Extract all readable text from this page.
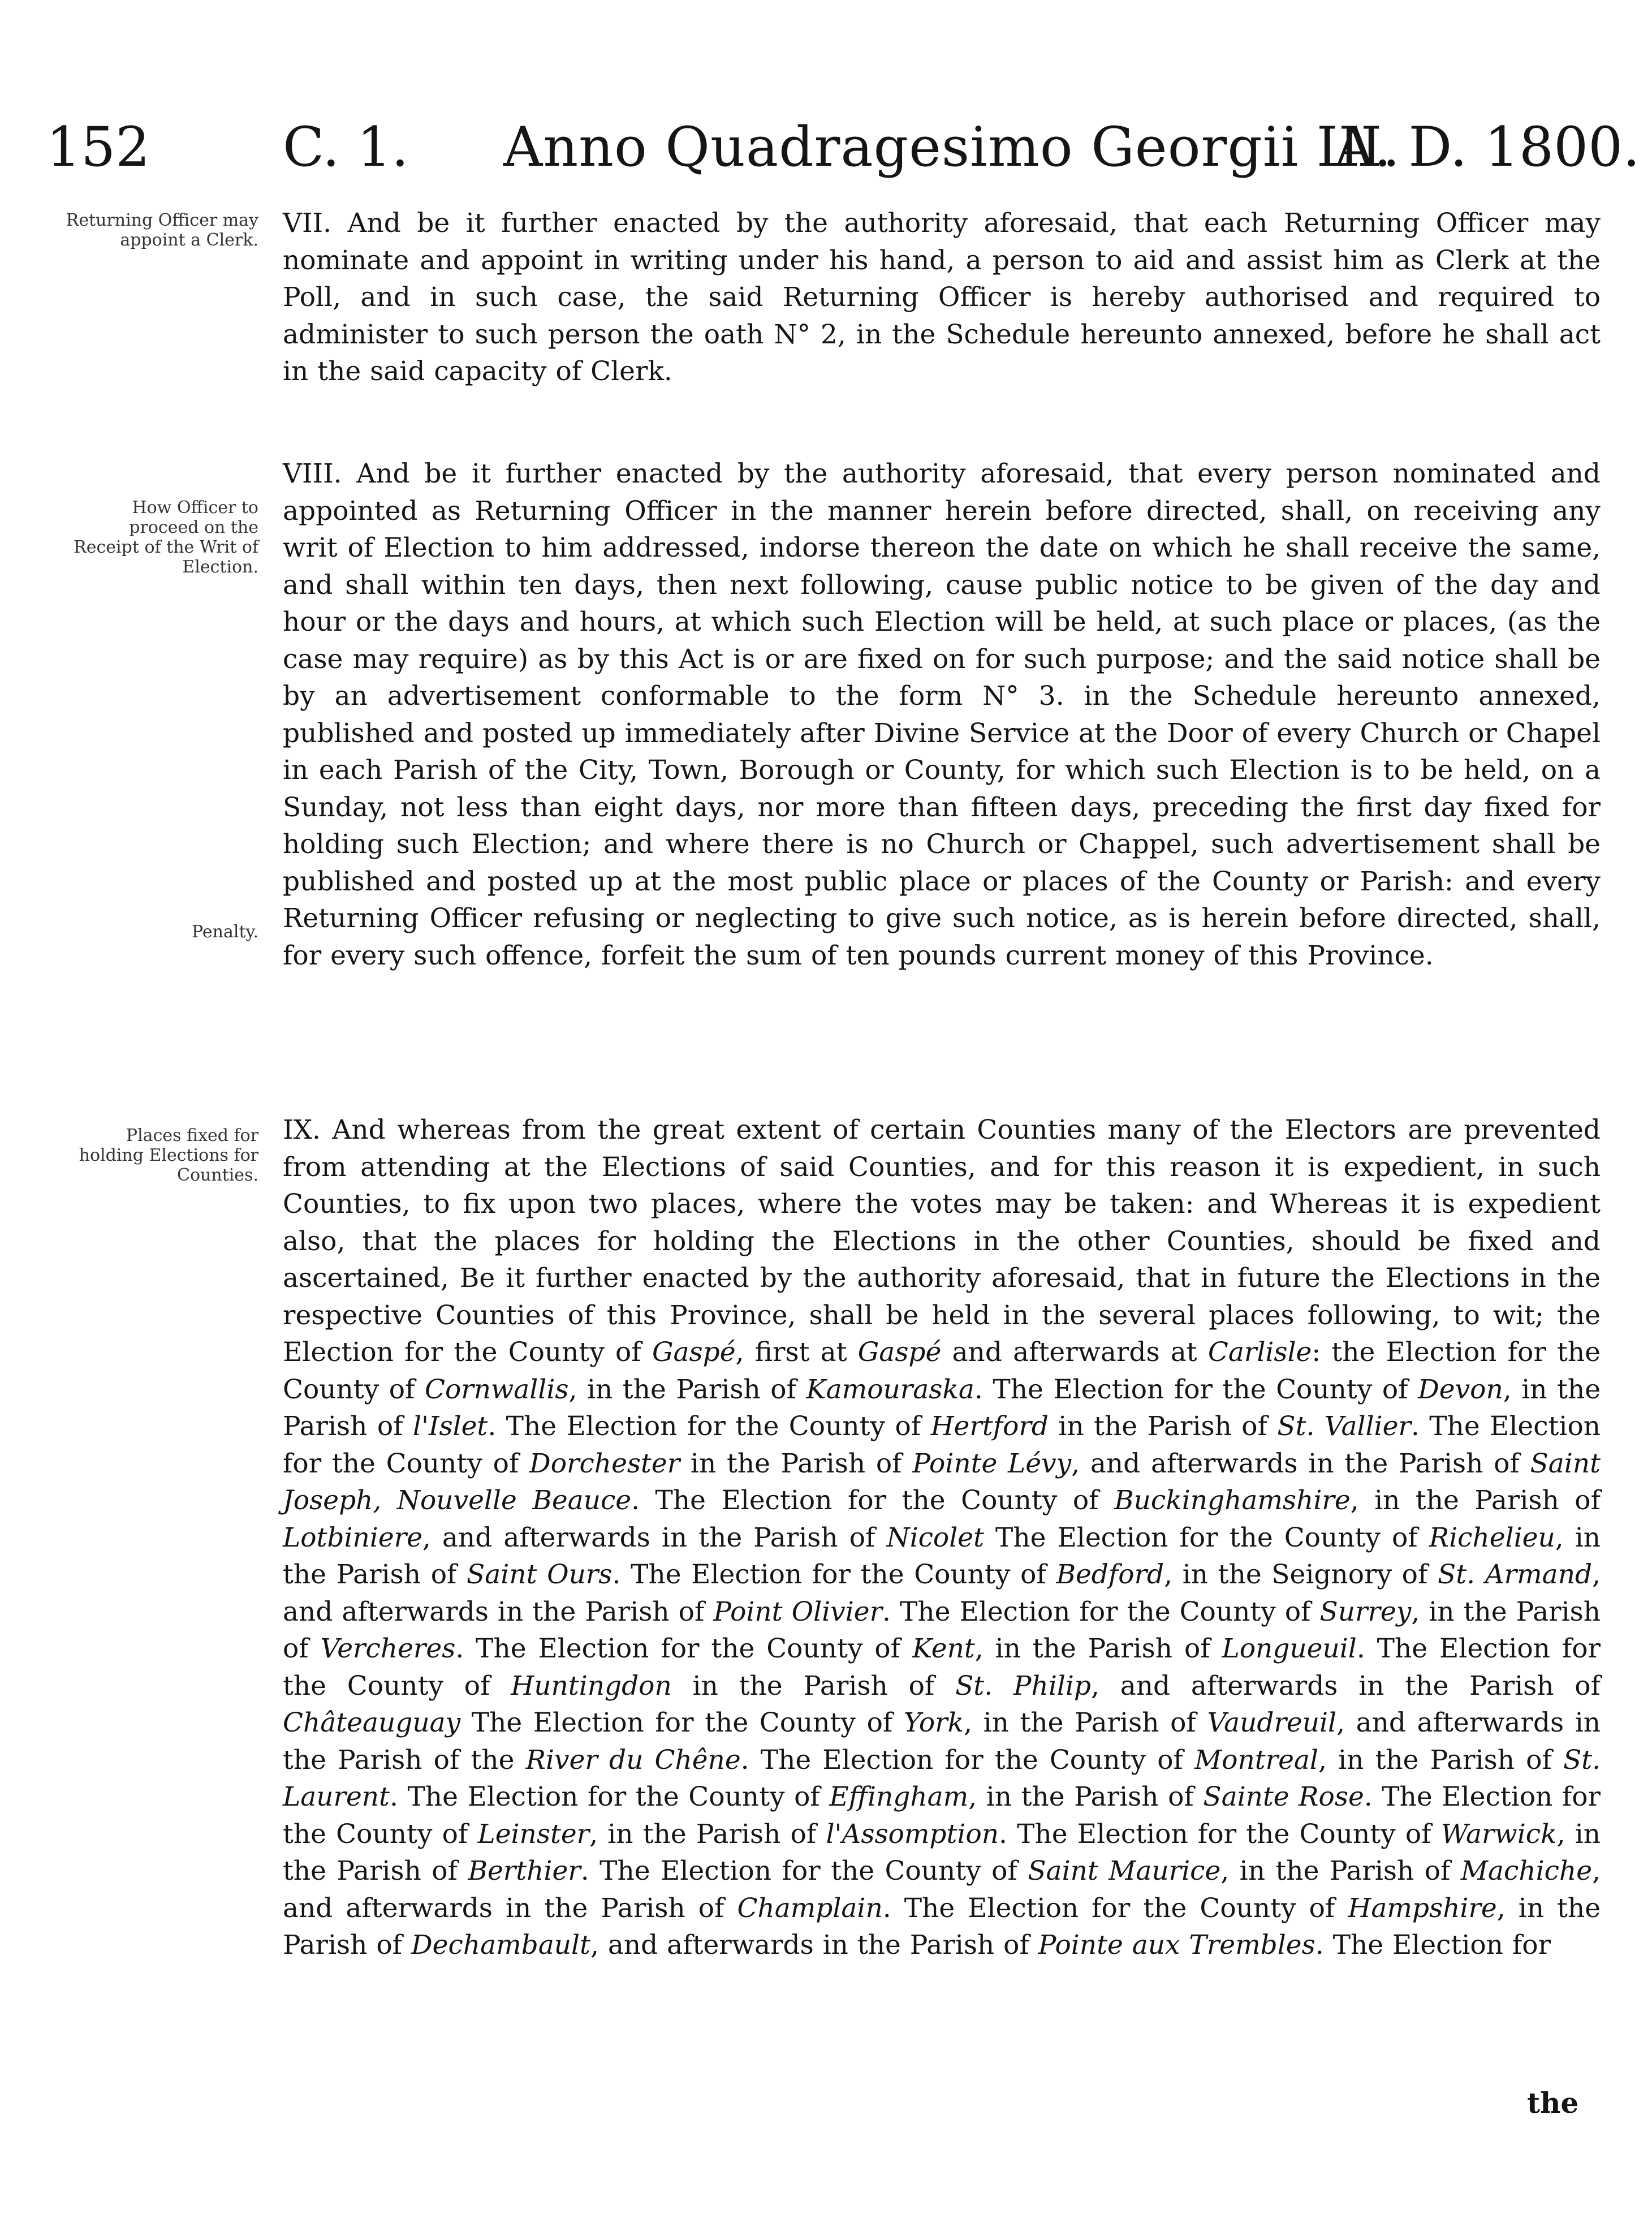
152 C. 1. Anno Quadragesimo Georgii III.
A. D. 1800.
Returning Officer may appoint a Clerk.
How Officer to proceed on the Receipt of the Writ of Election.
Penalty.
Places fixed for holding Elections for Counties.
VII. And be it further enacted by the authority aforesaid, that each Returning Officer may nominate and appoint in writing under his hand, a person to aid and assist him as Clerk at the Poll, and in such case, the said Returning Officer is hereby authorised and required to administer to such person the oath N° 2, in the Schedule hereunto annexed, before he shall act in the said capacity of Clerk.
VIII. And be it further enacted by the authority aforesaid, that every person nominated and appointed as Returning Officer in the manner herein before directed, shall, on receiving any writ of Election to him addressed, indorse thereon the date on which he shall receive the same, and shall within ten days, then next following, cause public notice to be given of the day and hour or the days and hours, at which such Election will be held, at such place or places, (as the case may require) as by this Act is or are fixed on for such purpose; and the said notice shall be by an advertisement conformable to the form N° 3. in the Schedule hereunto annexed, published and posted up immediately after Divine Service at the Door of every Church or Chapel in each Parish of the City, Town, Borough or County, for which such Election is to be held, on a Sunday, not less than eight days, nor more than fifteen days, preceding the first day fixed for holding such Election; and where there is no Church or Chappel, such advertisement shall be published and posted up at the most public place or places of the County or Parish: and every Returning Officer refusing or neglecting to give such notice, as is herein before directed, shall, for every such offence, forfeit the sum of ten pounds current money of this Province.
IX. And whereas from the great extent of certain Counties many of the Electors are prevented from attending at the Elections of said Counties, and for this reason it is expedient, in such Counties, to fix upon two places, where the votes may be taken: and Whereas it is expedient also, that the places for holding the Elections in the other Counties, should be fixed and ascertained, Be it further enacted by the authority aforesaid, that in future the Elections in the respective Counties of this Province, shall be held in the several places following, to wit; the Election for the County of Gaspé, first at Gaspé and afterwards at Carlisle: the Election for the County of Cornwallis, in the Parish of Kamouraska. The Election for the County of Devon, in the Parish of l'Islet. The Election for the County of Hertford in the Parish of St. Vallier. The Election for the County of Dorchester in the Parish of Pointe Lévy, and afterwards in the Parish of Saint Joseph, Nouvelle Beauce. The Election for the County of Buckinghamshire, in the Parish of Lotbiniere, and afterwards in the Parish of Nicolet The Election for the County of Richelieu, in the Parish of Saint Ours. The Election for the County of Bedford, in the Seignory of St. Armand, and afterwards in the Parish of Point Olivier. The Election for the County of Surrey, in the Parish of Vercheres. The Election for the County of Kent, in the Parish of Longueuil. The Election for the County of Huntingdon in the Parish of St. Philip, and afterwards in the Parish of Châteauguay The Election for the County of York, in the Parish of Vaudreuil, and afterwards in the Parish of the River du Chêne. The Election for the County of Montreal, in the Parish of St. Laurent. The Election for the County of Effingham, in the Parish of Sainte Rose. The Election for the County of Leinster, in the Parish of l'Assomption. The Election for the County of Warwick, in the Parish of Berthier. The Election for the County of Saint Maurice, in the Parish of Machiche, and afterwards in the Parish of Champlain. The Election for the County of Hampshire, in the Parish of Dechambault, and afterwards in the Parish of Pointe aux Trembles. The Election for
the
